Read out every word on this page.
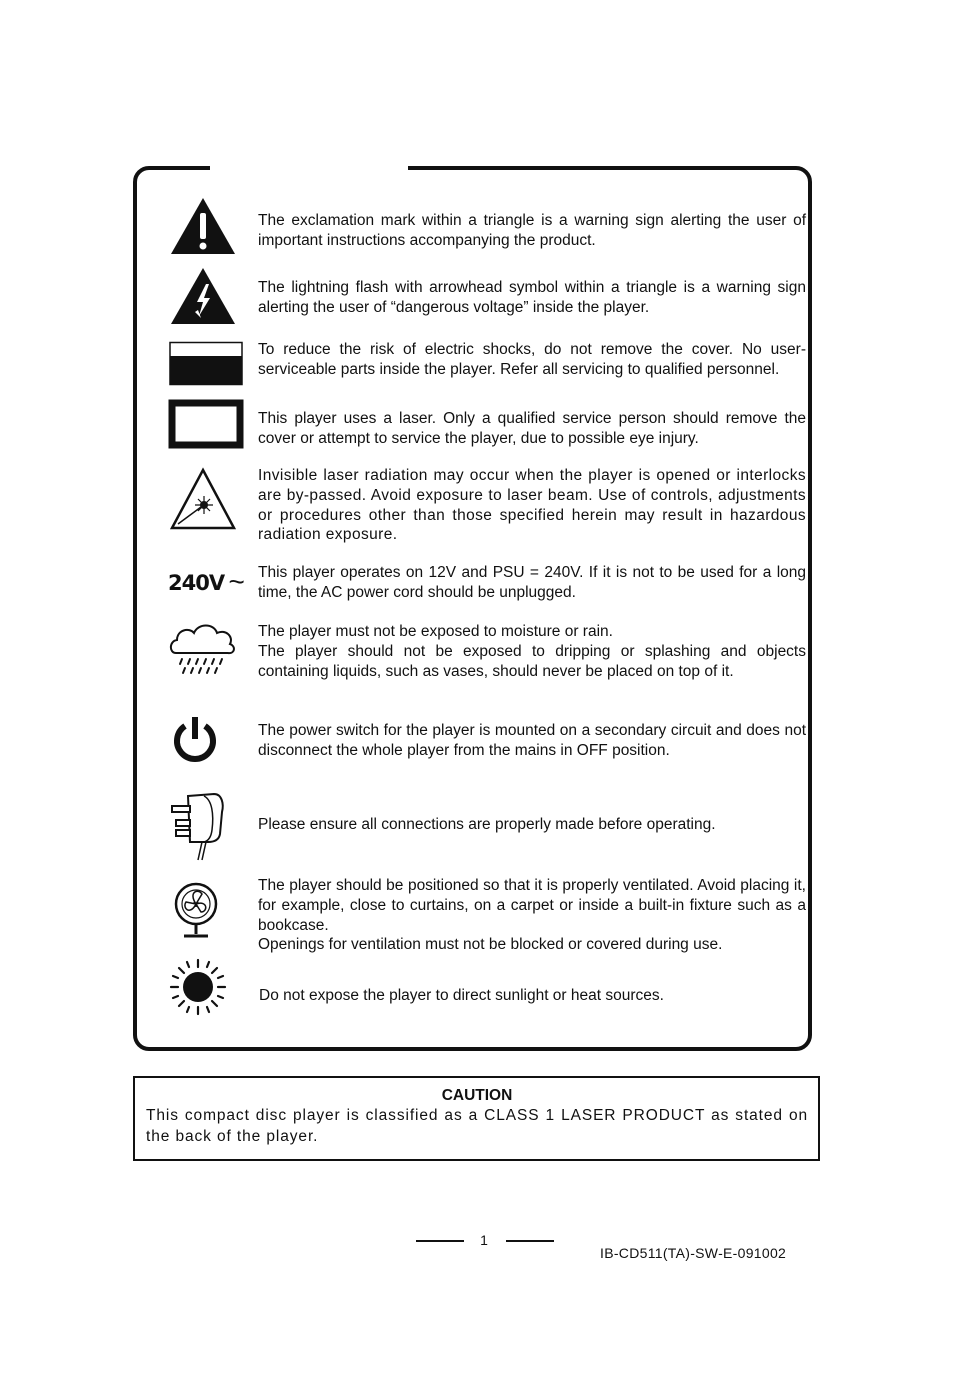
The exclamation mark within a triangle is a warning sign alerting the user of important instructions accompanying the product.

The lightning flash with arrowhead symbol within a triangle is a warning sign alerting the user of “dangerous voltage” inside the player.

To reduce the risk of electric shocks, do not remove the cover. No user-serviceable parts inside the player. Refer all servicing to qualified personnel.

This player uses a laser. Only a qualified service person should remove the cover or attempt to service the player, due to possible eye injury.

Invisible laser radiation may occur when the player is opened or interlocks are by-passed. Avoid exposure to laser beam. Use of controls, adjustments or procedures other than those specified herein may result in hazardous radiation exposure.

240V ~ This player operates on 12V and PSU = 240V. If it is not to be used for a long time, the AC power cord should be unplugged.

The player must not be exposed to moisture or rain.

The player should not be exposed to dripping or splashing and objects containing liquids, such as vases, should never be placed on top of it.

The power switch for the player is mounted on a secondary circuit and does not disconnect the whole player from the mains in OFF position.

Please ensure all connections are properly made before operating.

The player should be positioned so that it is properly ventilated. Avoid placing it, for example, close to curtains, on a carpet or inside a built-in fixture such as a bookcase.

Openings for ventilation must not be blocked or covered during use.

Do not expose the player to direct sunlight or heat sources.

CAUTION
This compact disc player is classified as a CLASS 1 LASER PRODUCT as stated on the back of the player.
1
IB-CD511(TA)-SW-E-091002
